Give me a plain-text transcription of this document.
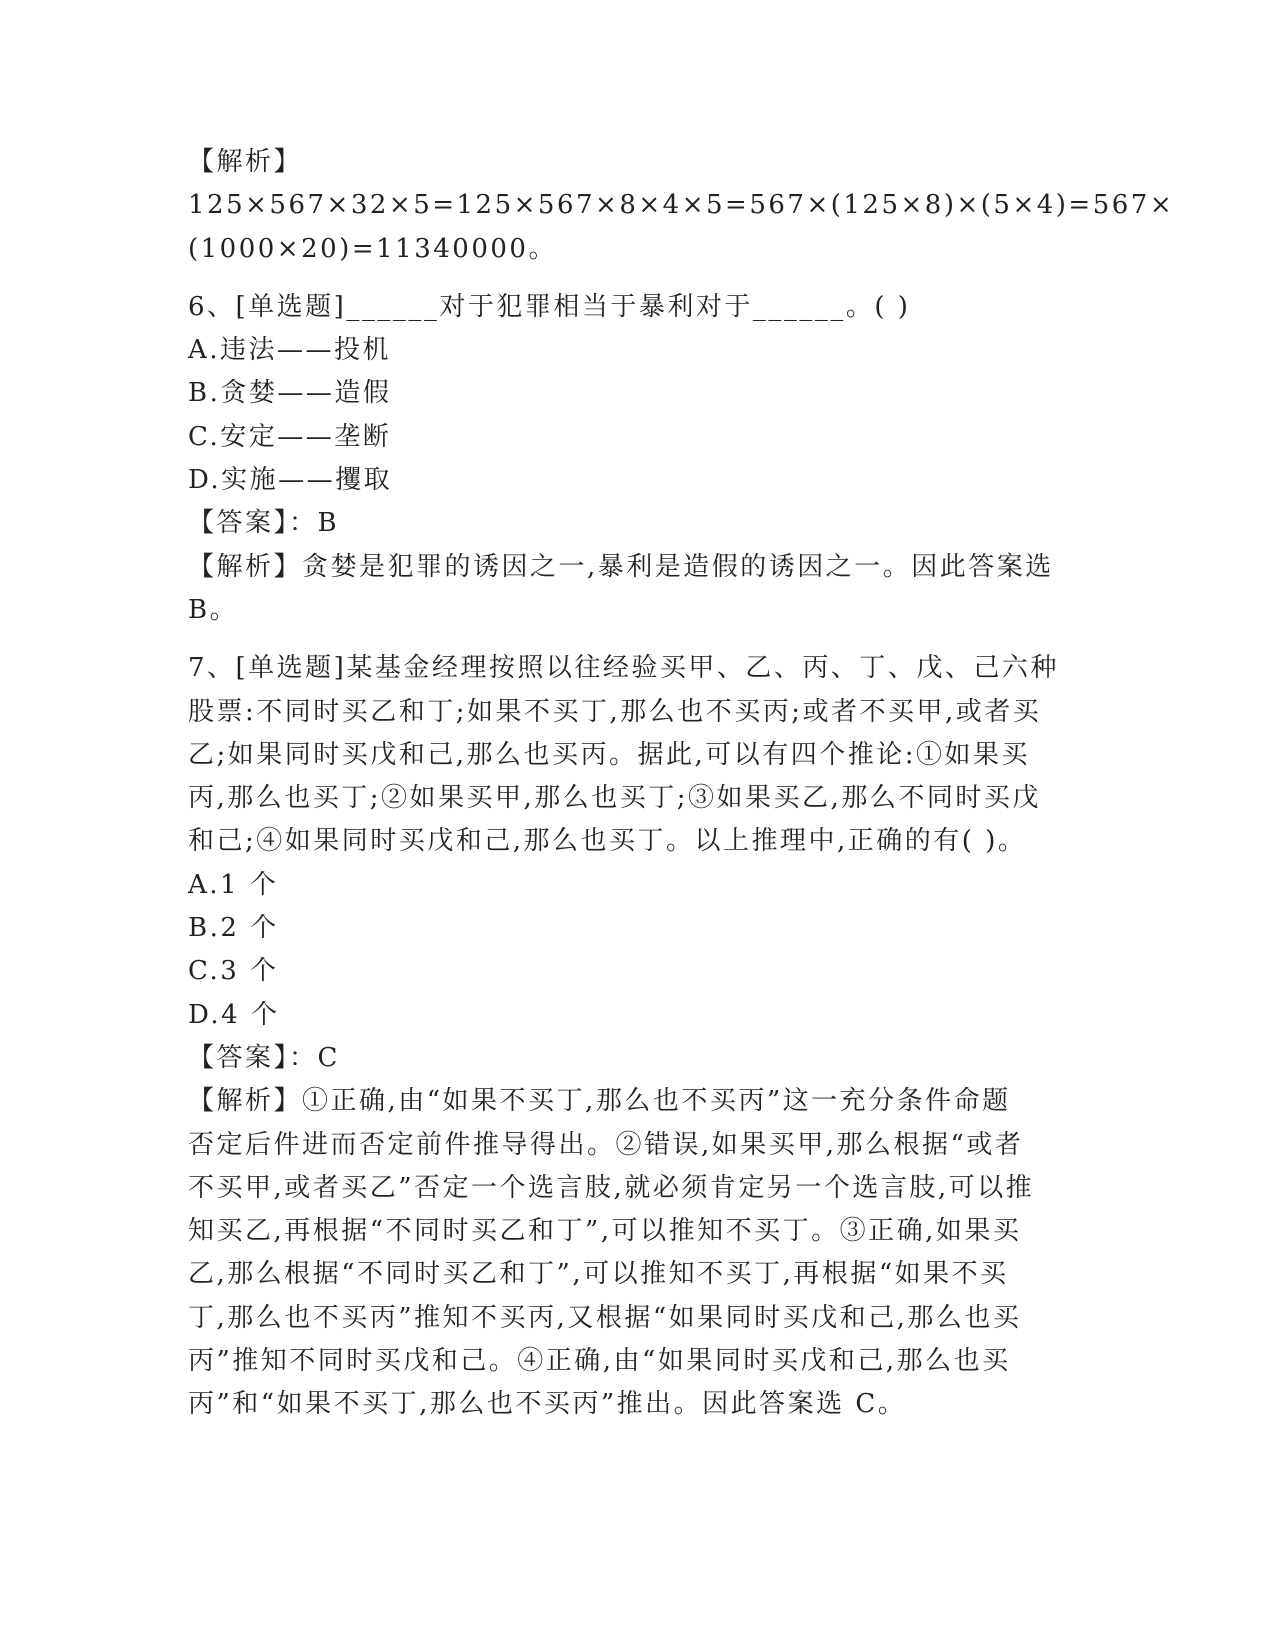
【解析】
125×567×32×5=125×567×8×4×5=567×(125×8)×(5×4)=567×
(1000×20)=11340000。
6、[单选题]______对于犯罪相当于暴利对于______。( )
A.违法——投机
B.贪婪——造假
C.安定——垄断
D.实施——攫取
【答案】：B
【解析】贪婪是犯罪的诱因之一,暴利是造假的诱因之一。因此答案选
B。
7、[单选题]某基金经理按照以往经验买甲、乙、丙、丁、戊、己六种
股票:不同时买乙和丁;如果不买丁,那么也不买丙;或者不买甲,或者买
乙;如果同时买戊和己,那么也买丙。据此,可以有四个推论:①如果买
丙,那么也买丁;②如果买甲,那么也买丁;③如果买乙,那么不同时买戊
和己;④如果同时买戊和己,那么也买丁。以上推理中,正确的有( )。
A.1 个
B.2 个
C.3 个
D.4 个
【答案】：C
【解析】①正确,由“如果不买丁,那么也不买丙”这一充分条件命题
否定后件进而否定前件推导得出。②错误,如果买甲,那么根据“或者
不买甲,或者买乙”否定一个选言肢,就必须肯定另一个选言肢,可以推
知买乙,再根据“不同时买乙和丁”,可以推知不买丁。③正确,如果买
乙,那么根据“不同时买乙和丁”,可以推知不买丁,再根据“如果不买
丁,那么也不买丙”推知不买丙,又根据“如果同时买戊和己,那么也买
丙”推知不同时买戊和己。④正确,由“如果同时买戊和己,那么也买
丙”和“如果不买丁,那么也不买丙”推出。因此答案选 C。
